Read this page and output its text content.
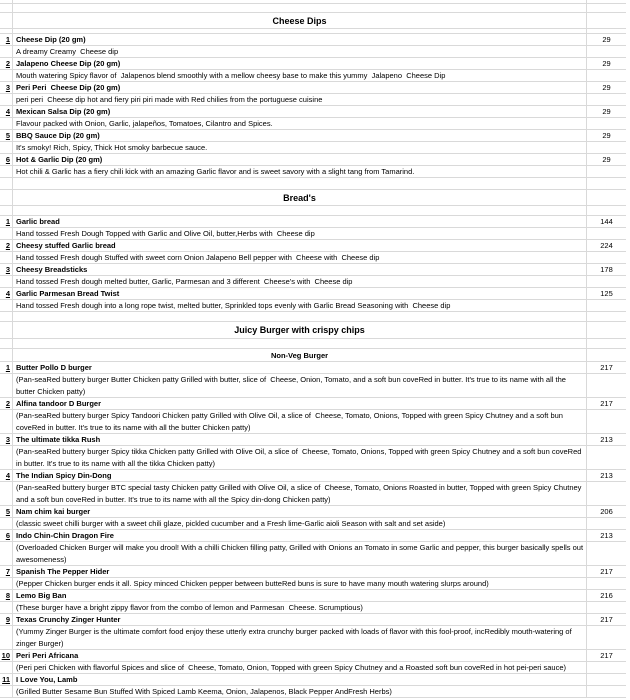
Cheese Dips
1 Cheese Dip (20 gm)	29
A dreamy Creamy  Cheese dip
2 Jalapeno Cheese Dip (20 gm)	29
Mouth watering Spicy flavor of  Jalapenos blend smoothly with a mellow cheesy base to make this yummy  Jalapeno  Cheese Dip
3 Peri Peri  Cheese Dip (20 gm)	29
peri peri  Cheese dip hot and fiery piri piri made with Red chilies from the portuguese cuisine
4 Mexican Salsa Dip (20 gm)	29
Flavour packed with Onion, Garlic, jalapeños, Tomatoes, Cilantro and Spices.
5 BBQ Sauce Dip (20 gm)	29
It's smoky! Rich, Spicy, Thick Hot smoky barbecue sauce.
6 Hot & Garlic Dip (20 gm)	29
Hot chili & Garlic has a fiery chili kick with an amazing Garlic flavor and is sweet savory with a slight tang from Tamarind.
Bread's
1 Garlic bread	144
Hand tossed Fresh Dough Topped with Garlic and Olive Oil, butter,Herbs with  Cheese dip
2 Cheesy stuffed Garlic bread	224
Hand tossed Fresh dough Stuffed with sweet corn Onion Jalapeno Bell pepper with  Cheese with  Cheese dip
3 Cheesy Breadsticks	178
Hand tossed Fresh dough melted butter, Garlic, Parmesan and 3 different  Cheese's with  Cheese dip
4 Garlic Parmesan Bread Twist	125
Hand tossed Fresh dough into a long rope twist, melted butter, Sprinkled tops evenly with Garlic Bread Seasoning with  Cheese dip
Juicy Burger with crispy chips
Non-Veg Burger
1 Butter Pollo D burger	217
(Pan-seaRed buttery burger Butter Chicken patty Grilled with butter, slice of  Cheese, Onion, Tomato, and a soft bun coveRed in butter. It's true to its name with all the butter Chicken patty)
2 Alfina tandoor D Burger	217
(Pan-seaRed buttery burger Spicy Tandoori Chicken patty Grilled with Olive Oil, a slice of  Cheese, Tomato, Onions, Topped with green Spicy Chutney and a soft bun coveRed in butter. It's true to its name with all the butter Chicken patty)
3 The ultimate tikka Rush	213
(Pan-seaRed buttery burger Spicy tikka Chicken patty Grilled with Olive Oil, a slice of  Cheese, Tomato, Onions, Topped with green Spicy Chutney and a soft bun coveRed in butter. It's true to its name with all the tikka Chicken patty)
4 The Indian Spicy Din-Dong	213
(Pan-seaRed buttery burger BTC special tasty Chicken patty Grilled with Olive Oil, a slice of  Cheese, Tomato, Onions Roasted in butter, Topped with green Spicy Chutney and a soft bun coveRed in butter. It's true to its name with all the Spicy din-dong Chicken patty)
5 Nam chim kai burger	206
(classic sweet chilli burger with a sweet chili glaze, pickled cucumber and a Fresh lime-Garlic aioli Season with salt and set aside)
6 Indo Chin-Chin Dragon Fire	213
(Overloaded Chicken Burger will make you drool! With a chilli Chicken filling patty, Grilled with Onions an Tomato in some Garlic and pepper, this burger basically spells out awesomeness)
7 Spanish The Pepper Hider	217
(Pepper Chicken burger ends it all. Spicy minced Chicken pepper between butteRed buns is sure to have many mouth watering slurps around)
8 Lemo Big Ban	216
(These burger have a bright zippy flavor from the combo of lemon and Parmesan  Cheese. Scrumptious)
9 Texas Crunchy Zinger Hunter	217
(Yummy Zinger Burger is the ultimate comfort food enjoy these utterly extra crunchy burger packed with loads of flavor with this fool-proof, incRedibly mouth-watering of zinger Burger)
10 Peri Peri Africana	217
(Peri peri Chicken with flavorful Spices and slice of  Cheese, Tomato, Onion, Topped with green Spicy Chutney and a Roasted soft bun coveRed in hot pei-peri sauce)
11 I Love You, Lamb
(Grilled Butter Sesame Bun Stuffed With Spiced Lamb Keema, Onion, Jalapenos, Black Pepper AndFresh Herbs)
